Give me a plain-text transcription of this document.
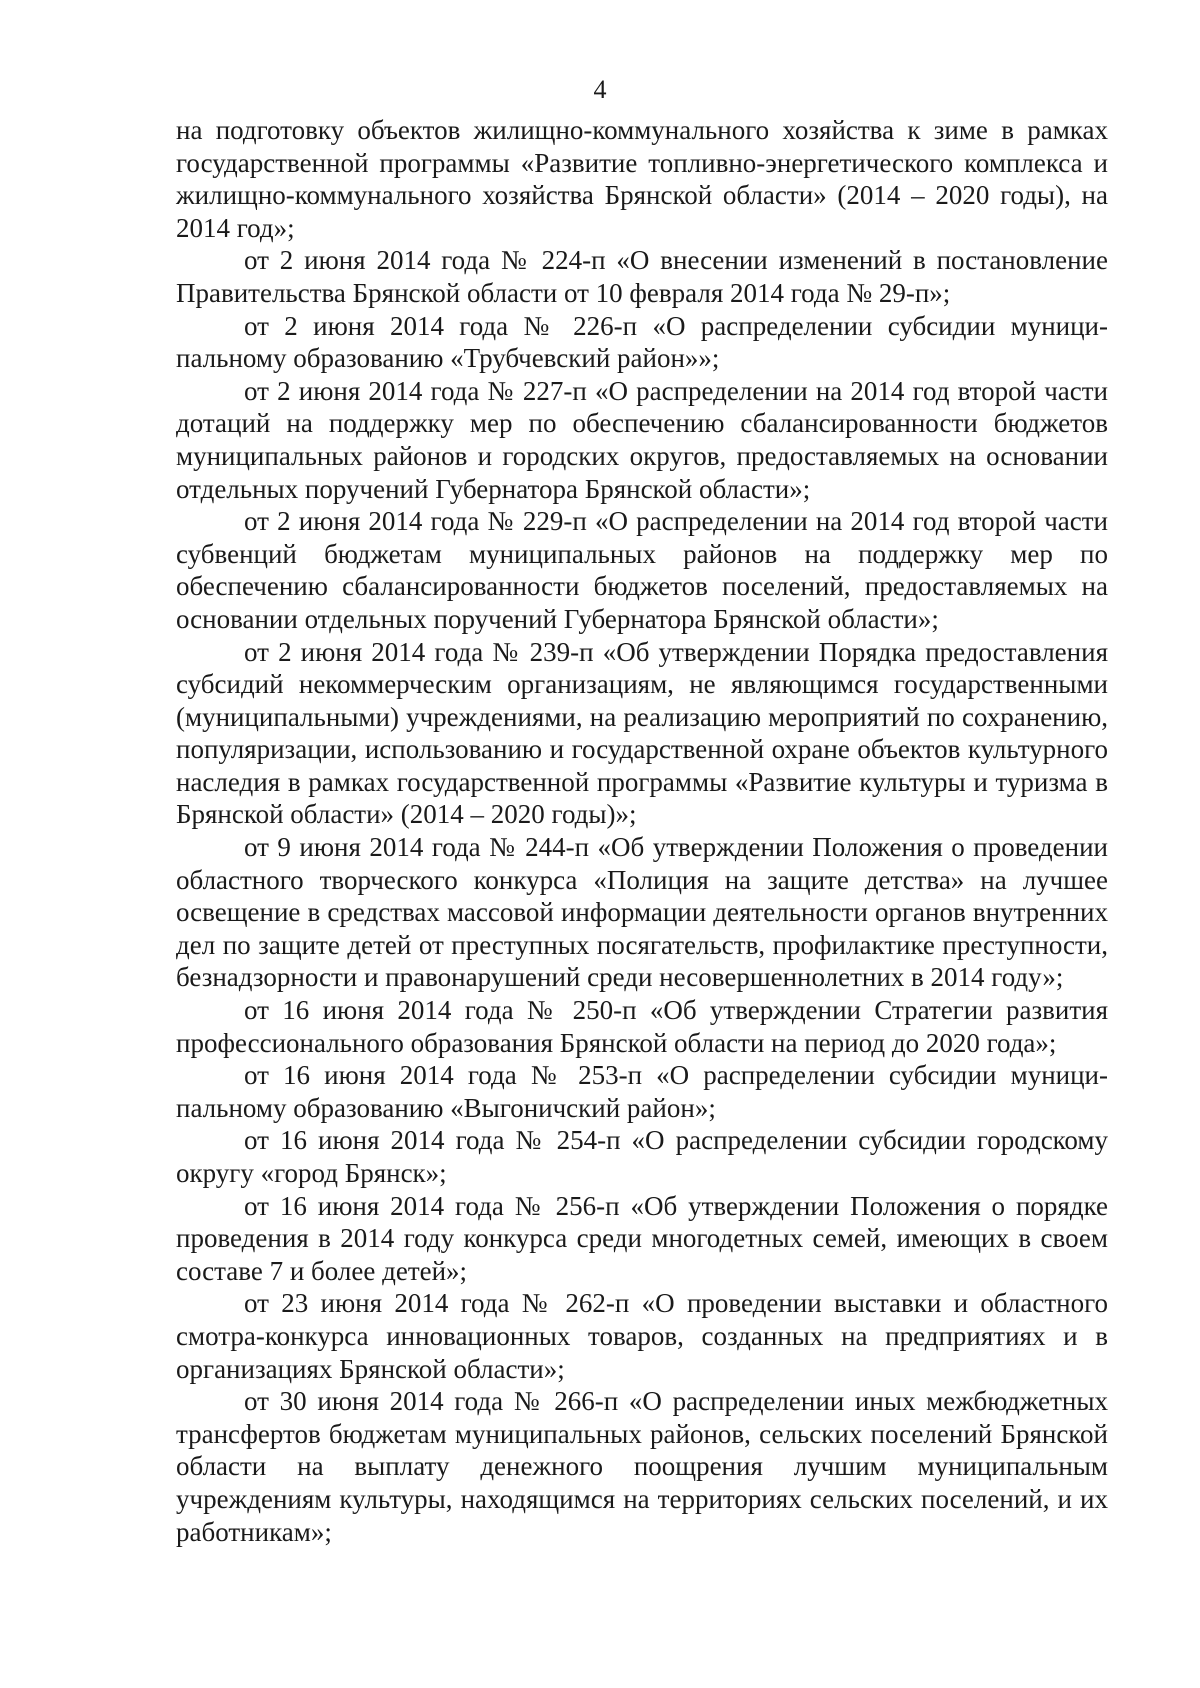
4

на подготовку объектов жилищно-коммунального хозяйства к зиме в рамках государственной программы «Развитие топливно-энергетического комплекса и жилищно-коммунального хозяйства Брянской области» (2014 – 2020 годы), на 2014 год»;

от 2 июня 2014 года № 224-п «О внесении изменений в постановление Правительства Брянской области от 10 февраля 2014 года № 29-п»;

от 2 июня 2014 года № 226-п «О распределении субсидии муниципальному образованию «Трубчевский район»»;

от 2 июня 2014 года № 227-п «О распределении на 2014 год второй части дотаций на поддержку мер по обеспечению сбалансированности бюджетов муниципальных районов и городских округов, предоставляемых на основании отдельных поручений Губернатора Брянской области»;

от 2 июня 2014 года № 229-п «О распределении на 2014 год второй части субвенций бюджетам муниципальных районов на поддержку мер по обеспечению сбалансированности бюджетов поселений, предоставляемых на основании отдельных поручений Губернатора Брянской области»;

от 2 июня 2014 года № 239-п «Об утверждении Порядка предоставления субсидий некоммерческим организациям, не являющимся государственными (муниципальными) учреждениями, на реализацию мероприятий по сохранению, популяризации, использованию и государственной охране объектов культурного наследия в рамках государственной программы «Развитие культуры и туризма в Брянской области» (2014 – 2020 годы)»;

от 9 июня 2014 года № 244-п «Об утверждении Положения о проведении областного творческого конкурса «Полиция на защите детства» на лучшее освещение в средствах массовой информации деятельности органов внутренних дел по защите детей от преступных посягательств, профилактике преступности, безнадзорности и правонарушений среди несовершеннолетних в 2014 году»;

от 16 июня 2014 года № 250-п «Об утверждении Стратегии развития профессионального образования Брянской области на период до 2020 года»;

от 16 июня 2014 года № 253-п «О распределении субсидии муниципальному образованию «Выгоничский район»;

от 16 июня 2014 года № 254-п «О распределении субсидии городскому округу «город Брянск»;

от 16 июня 2014 года № 256-п «Об утверждении Положения о порядке проведения в 2014 году конкурса среди многодетных семей, имеющих в своем составе 7 и более детей»;

от 23 июня 2014 года № 262-п «О проведении выставки и областного смотра-конкурса инновационных товаров, созданных на предприятиях и в организациях Брянской области»;

от 30 июня 2014 года № 266-п «О распределении иных межбюджетных трансфертов бюджетам муниципальных районов, сельских поселений Брянской области на выплату денежного поощрения лучшим муниципальным учреждениям культуры, находящимся на территориях сельских поселений, и их работникам»;
